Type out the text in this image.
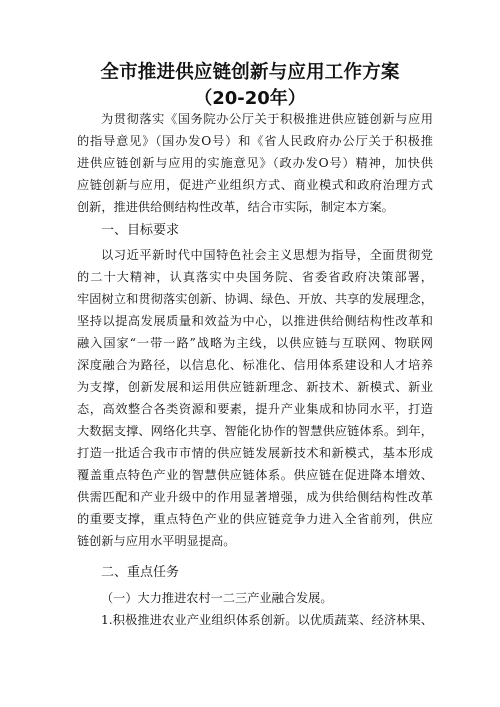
全市推进供应链创新与应用工作方案
（20-20年）
为贯彻落实《国务院办公厅关于积极推进供应链创新与应用
的指导意见》（国办发O号）和《省人民政府办公厅关于积极推
进供应链创新与应用的实施意见》（政办发O号）精神，加快供
应链创新与应用，促进产业组织方式、商业模式和政府治理方式
创新，推进供给侧结构性改革，结合市实际，制定本方案。
一、目标要求
以习近平新时代中国特色社会主义思想为指导，全面贯彻党
的二十大精神，认真落实中央国务院、省委省政府决策部署，
牢固树立和贯彻落实创新、协调、绿色、开放、共享的发展理念，
坚持以提高发展质量和效益为中心，以推进供给侧结构性改革和
融入国家“一带一路”战略为主线，以供应链与互联网、物联网
深度融合为路径，以信息化、标准化、信用体系建设和人才培养
为支撑，创新发展和运用供应链新理念、新技术、新模式、新业
态，高效整合各类资源和要素，提升产业集成和协同水平，打造
大数据支撑、网络化共享、智能化协作的智慧供应链体系。到年，
打造一批适合我市市情的供应链发展新技术和新模式，基本形成
覆盖重点特色产业的智慧供应链体系。供应链在促进降本增效、
供需匹配和产业升级中的作用显著增强，成为供给侧结构性改革
的重要支撑，重点特色产业的供应链竞争力进入全省前列，供应
链创新与应用水平明显提高。
二、重点任务
（一）大力推进农村一二三产业融合发展。
1.积极推进农业产业组织体系创新。以优质蔬菜、经济林果、
